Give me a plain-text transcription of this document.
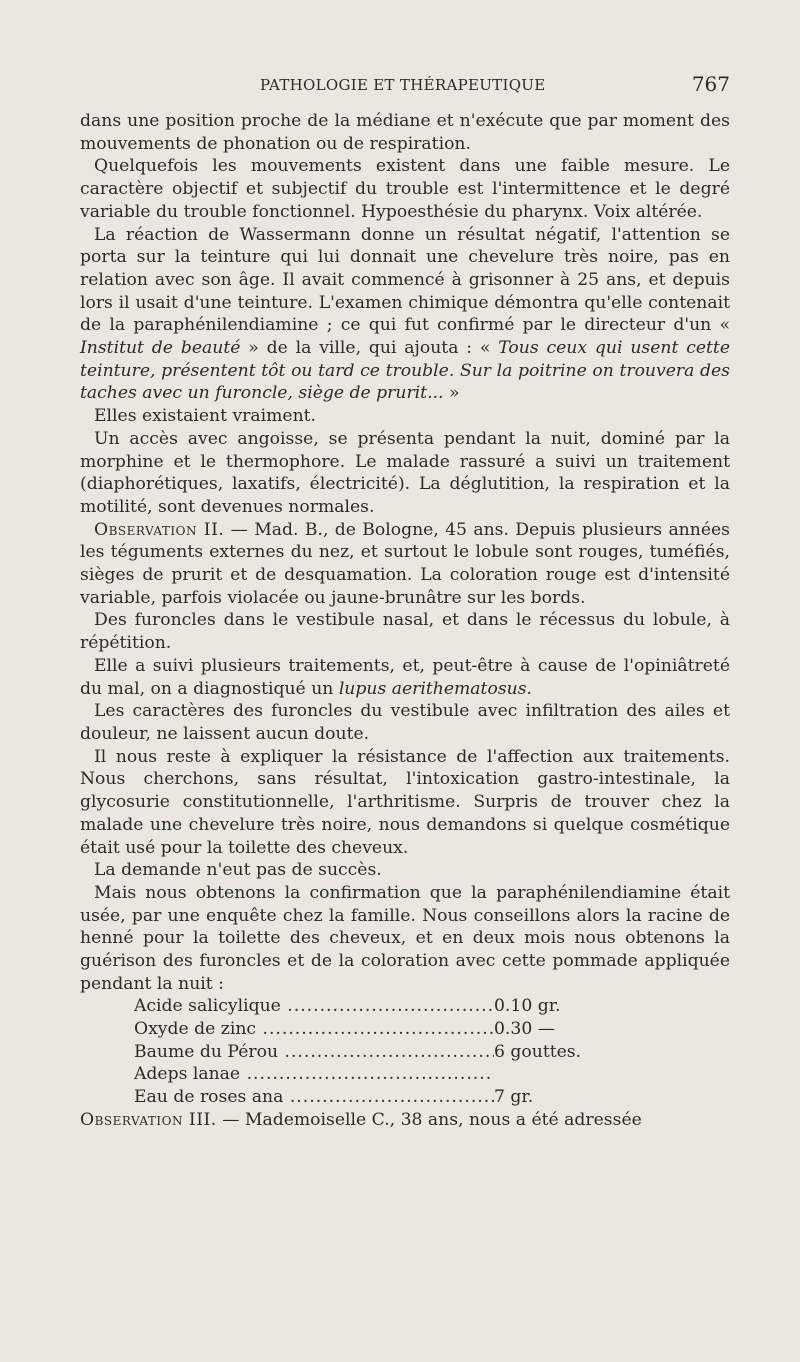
PATHOLOGIE ET THÉRAPEUTIQUE	767

dans une position proche de la médiane et n'exécute que par moment des mouvements de phonation ou de respiration.

Quelquefois les mouvements existent dans une faible mesure. Le caractère objectif et subjectif du trouble est l'intermittence et le degré variable du trouble fonctionnel. Hypoesthésie du pharynx. Voix altérée.

La réaction de Wassermann donne un résultat négatif, l'attention se porta sur la teinture qui lui donnait une chevelure très noire, pas en relation avec son âge. Il avait commencé à grisonner à 25 ans, et depuis lors il usait d'une teinture. L'examen chimique démontra qu'elle contenait de la paraphénilendiamine ; ce qui fut confirmé par le directeur d'un « Institut de beauté » de la ville, qui ajouta : « Tous ceux qui usent cette teinture, présentent tôt ou tard ce trouble. Sur la poitrine on trouvera des taches avec un furoncle, siège de prurit... »

Elles existaient vraiment.

Un accès avec angoisse, se présenta pendant la nuit, dominé par la morphine et le thermophore. Le malade rassuré a suivi un traitement (diaphorétiques, laxatifs, électricité). La déglutition, la respiration et la motilité, sont devenues normales.

Observation II. — Mad. B., de Bologne, 45 ans. Depuis plusieurs années les téguments externes du nez, et surtout le lobule sont rouges, tuméfiés, sièges de prurit et de desquamation. La coloration rouge est d'intensité variable, parfois violacée ou jaune-brunâtre sur les bords.

Des furoncles dans le vestibule nasal, et dans le récessus du lobule, à répétition.

Elle a suivi plusieurs traitements, et, peut-être à cause de l'opiniâtreté du mal, on a diagnostiqué un lupus aerithematosus.

Les caractères des furoncles du vestibule avec infiltration des ailes et douleur, ne laissent aucun doute.

Il nous reste à expliquer la résistance de l'affection aux traitements. Nous cherchons, sans résultat, l'intoxication gastro-intestinale, la glycosurie constitutionnelle, l'arthritisme. Surpris de trouver chez la malade une chevelure très noire, nous demandons si quelque cosmétique était usé pour la toilette des cheveux.

La demande n'eut pas de succès.

Mais nous obtenons la confirmation que la paraphénilendiamine était usée, par une enquête chez la famille. Nous conseillons alors la racine de henné pour la toilette des cheveux, et en deux mois nous obtenons la guérison des furoncles et de la coloration avec cette pommade appliquée pendant la nuit :

Acide salicylique .....	0.10 gr.
Oxyde de zinc .....	0.30 —
Baume du Pérou .....	6 gouttes.
Adeps lanae .....
Eau de roses ana .....	7 gr.

Observation III. — Mademoiselle C., 38 ans, nous a été adressée
